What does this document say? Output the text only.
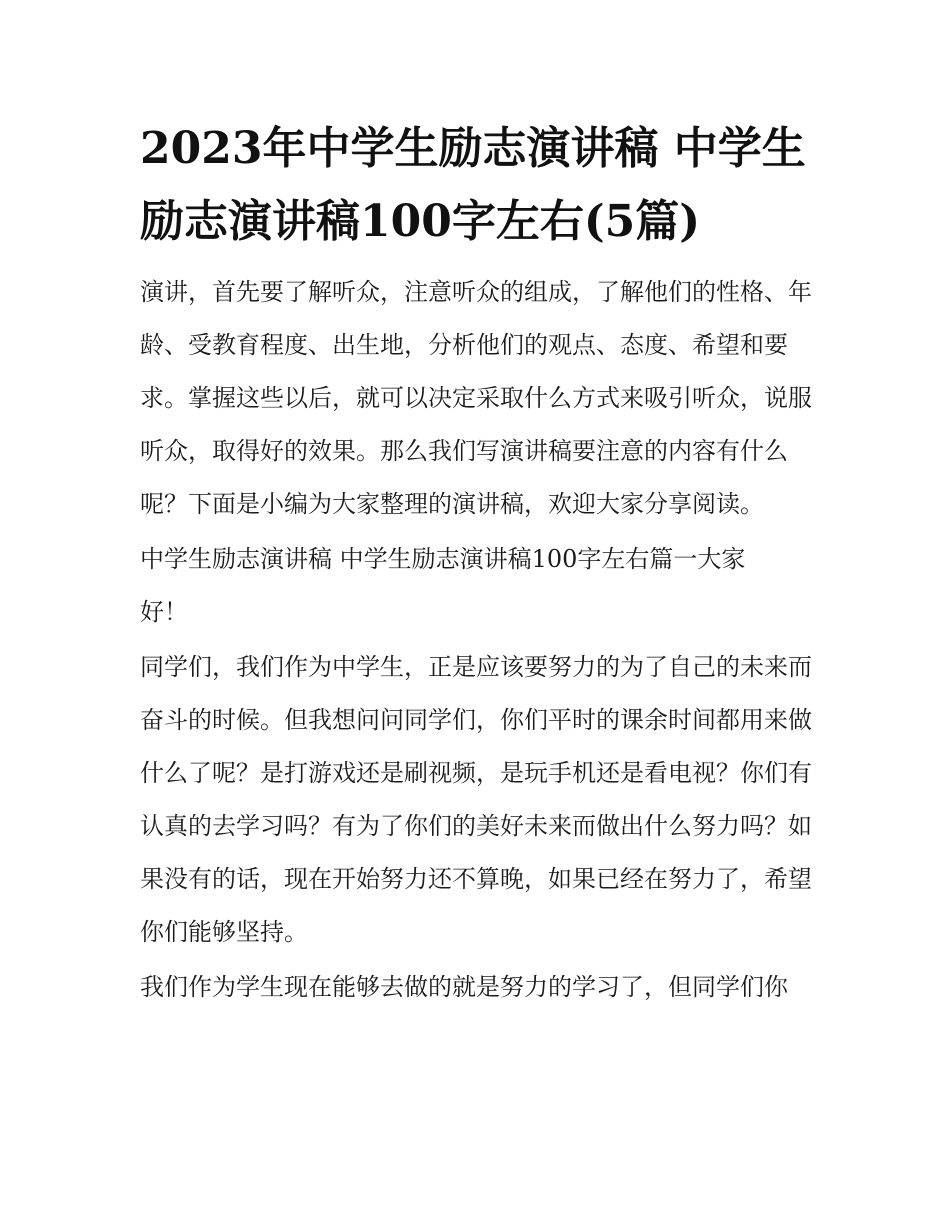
2023年中学生励志演讲稿 中学生励志演讲稿100字左右(5篇)

演讲，首先要了解听众，注意听众的组成，了解他们的性格、年龄、受教育程度、出生地，分析他们的观点、态度、希望和要求。掌握这些以后，就可以决定采取什么方式来吸引听众，说服听众，取得好的效果。那么我们写演讲稿要注意的内容有什么呢？下面是小编为大家整理的演讲稿，欢迎大家分享阅读。

中学生励志演讲稿 中学生励志演讲稿100字左右篇一大家好！

同学们，我们作为中学生，正是应该要努力的为了自己的未来而奋斗的时候。但我想问问同学们，你们平时的课余时间都用来做什么了呢？是打游戏还是刷视频，是玩手机还是看电视？你们有认真的去学习吗？有为了你们的美好未来而做出什么努力吗？如果没有的话，现在开始努力还不算晚，如果已经在努力了，希望你们能够坚持。

我们作为学生现在能够去做的就是努力的学习了，但同学们你
